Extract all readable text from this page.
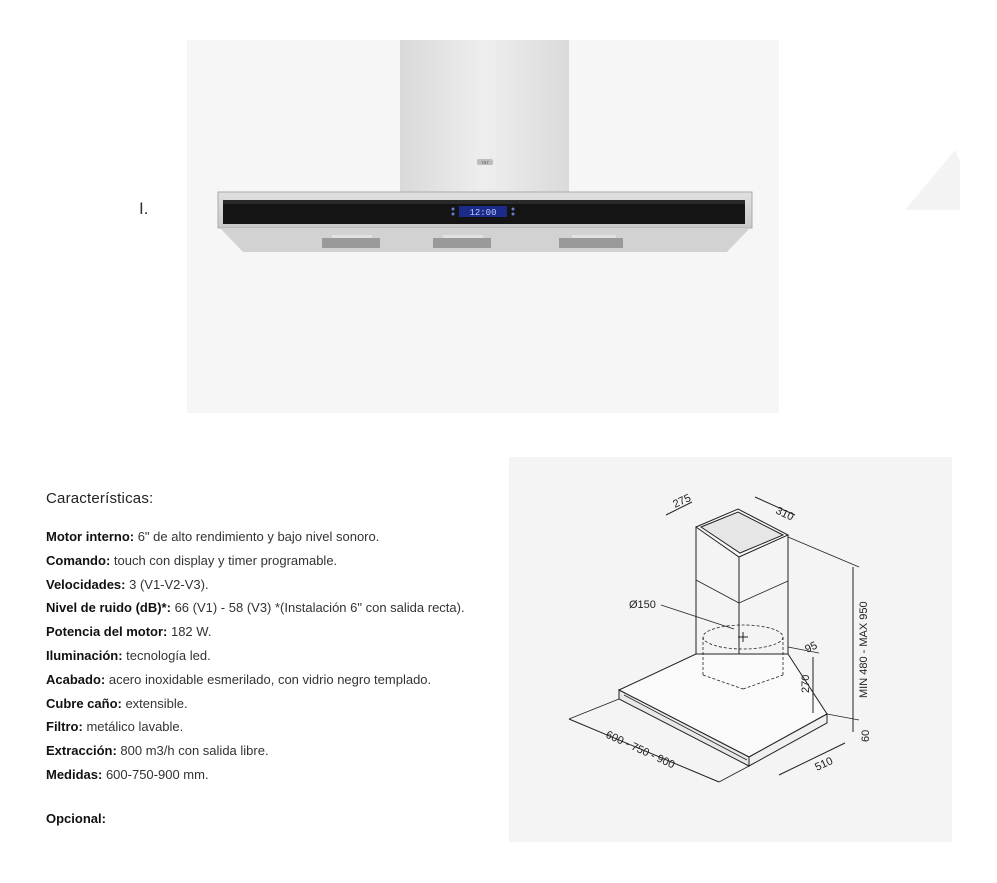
TST
12:00
I.
Características:
Motor interno: 6" de alto rendimiento y bajo nivel sonoro.
Comando: touch con display y timer programable.
Velocidades: 3 (V1-V2-V3).
Nivel de ruido (dB)*: 66 (V1) - 58 (V3) *(Instalación 6" con salida recta).
Potencia del motor: 182 W.
Iluminación: tecnología led.
Acabado: acero inoxidable esmerilado, con vidrio negro templado.
Cubre caño: extensible.
Filtro: metálico lavable.
Extracción: 800 m3/h con salida libre.
Medidas: 600-750-900 mm.
Opcional:
275
310
Ø150
95
270	MIN 480 - MAX 950
60
600 - 750 - 900	510
